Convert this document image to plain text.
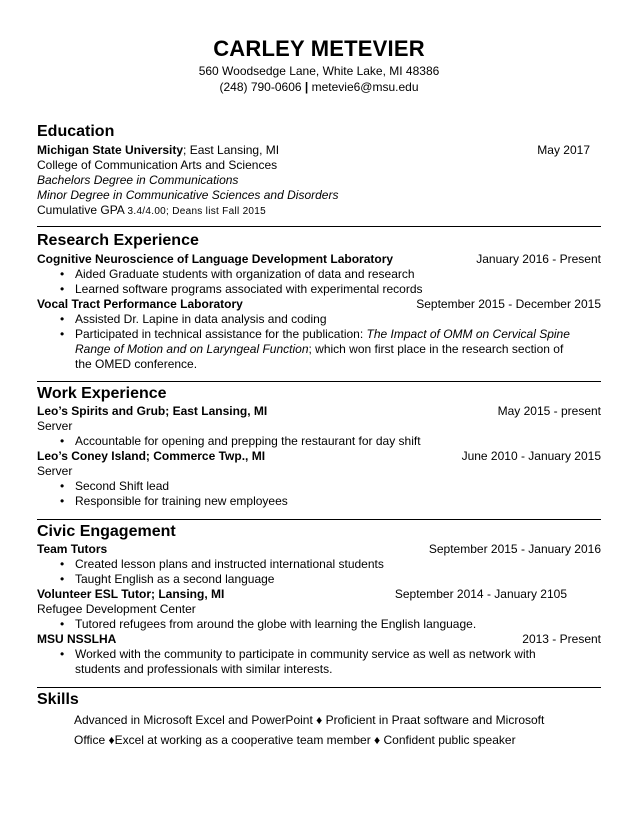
CARLEY METEVIER
560 Woodsedge Lane, White Lake, MI 48386
(248) 790-0606 | metevie6@msu.edu
Education
Michigan State University; East Lansing, MI	May 2017
College of Communication Arts and Sciences
Bachelors Degree in Communications
Minor Degree in Communicative Sciences and Disorders
Cumulative GPA 3.4/4.00; Deans list Fall 2015
Research Experience
Cognitive Neuroscience of Language Development Laboratory	January 2016 - Present
• Aided Graduate students with organization of data and research
• Learned software programs associated with experimental records
Vocal Tract Performance Laboratory	September 2015 - December 2015
• Assisted Dr. Lapine in data analysis and coding
• Participated in technical assistance for the publication: The Impact of OMM on Cervical Spine
Range of Motion and on Laryngeal Function; which won first place in the research section of
the OMED conference.
Work Experience
Leo’s Spirits and Grub; East Lansing, MI	May 2015 - present
Server
• Accountable for opening and prepping the restaurant for day shift
Leo’s Coney Island; Commerce Twp., MI	June 2010 - January 2015
Server
• Second Shift lead
• Responsible for training new employees
Civic Engagement
Team Tutors	September 2015 - January 2016
• Created lesson plans and instructed international students
• Taught English as a second language
Volunteer ESL Tutor; Lansing, MI	September 2014 - January 2105
Refugee Development Center
• Tutored refugees from around the globe with learning the English language.
MSU NSSLHA	2013 - Present
• Worked with the community to participate in community service as well as network with
students and professionals with similar interests.
Skills
Advanced in Microsoft Excel and PowerPoint ♦ Proficient in Praat software and Microsoft
Office ♦Excel at working as a cooperative team member ♦ Confident public speaker
